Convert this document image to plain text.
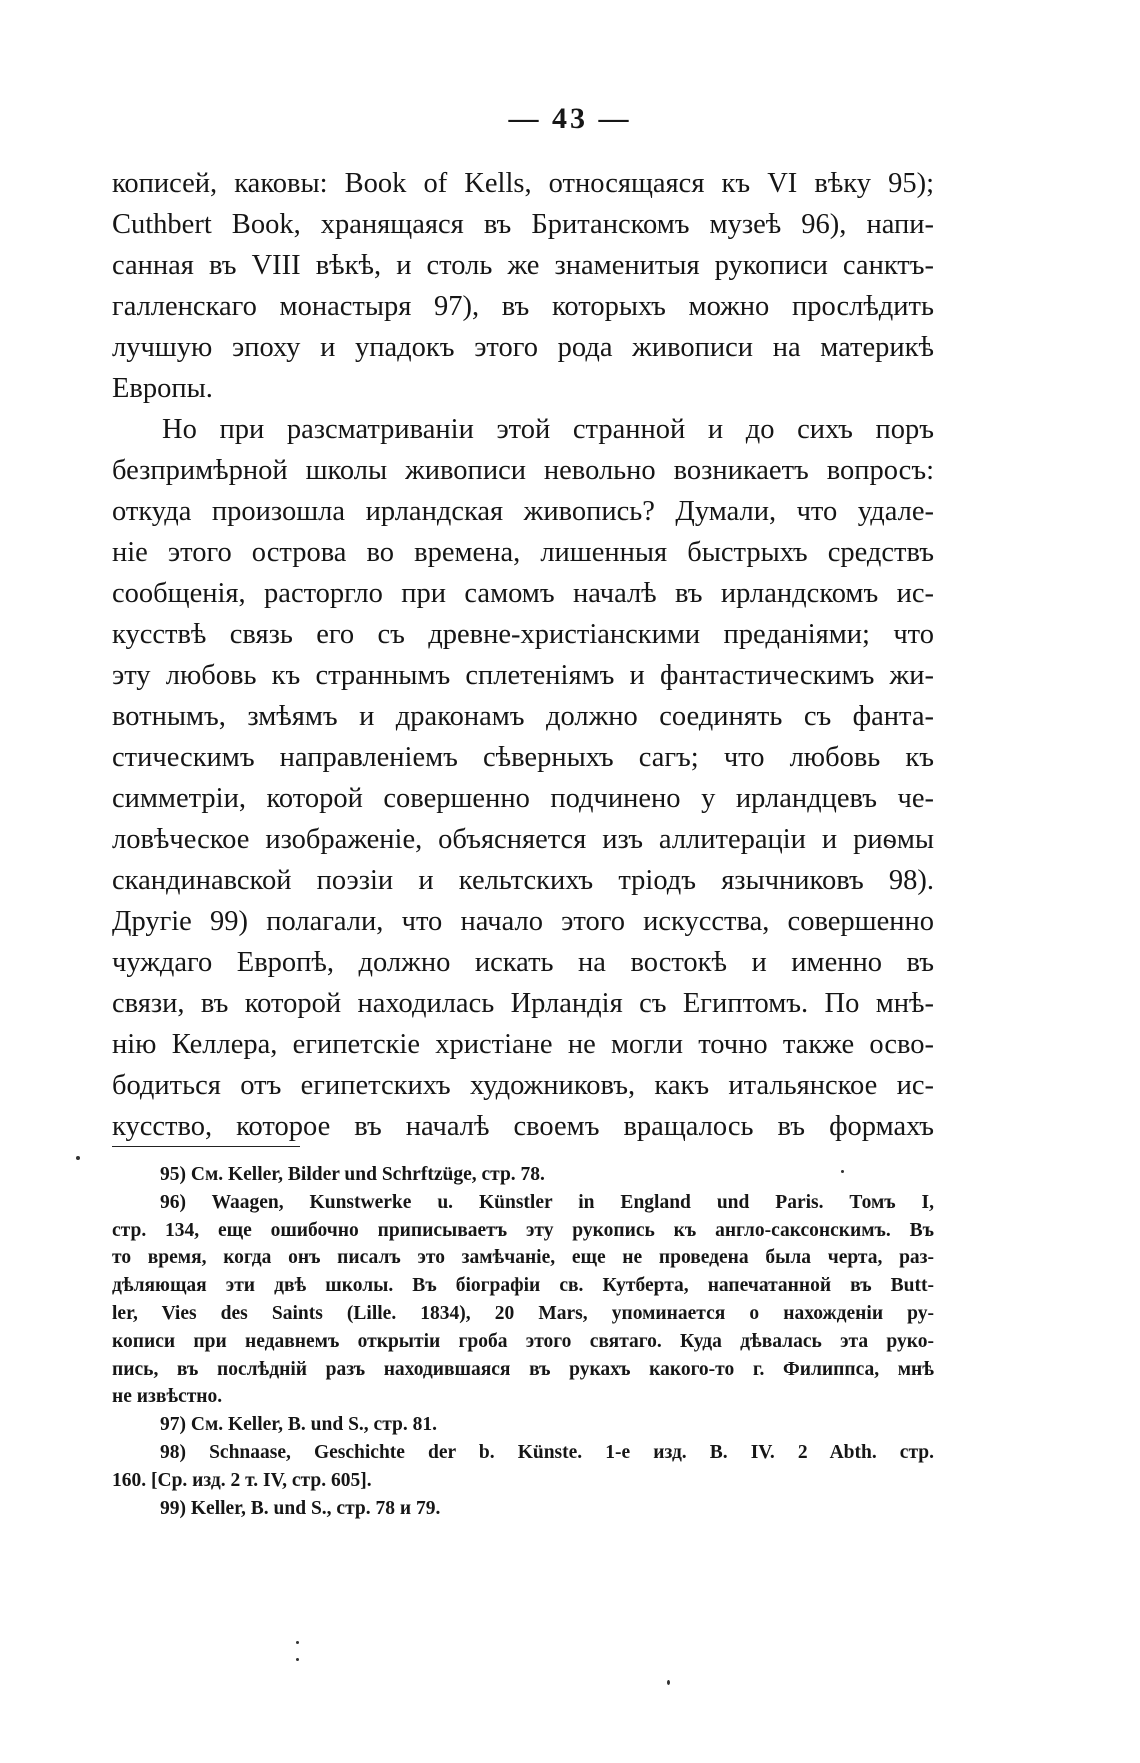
— 43 —
кописей, каковы: Book of Kells, относящаяся къ VI вѣку 95);
Cuthbert Book, хранящаяся въ Британскомъ музеѣ 96), напи-
санная въ VIII вѣкѣ, и столь же знаменитыя рукописи санктъ-
галленскаго монастыря 97), въ которыхъ можно прослѣдить
лучшую эпоху и упадокъ этого рода живописи на материкѣ
Европы.
Но при разсматриваніи этой странной и до сихъ поръ
безпримѣрной школы живописи невольно возникаетъ вопросъ:
откуда произошла ирландская живопись? Думали, что удале-
ніе этого острова во времена, лишенныя быстрыхъ средствъ
сообщенія, расторгло при самомъ началѣ въ ирландскомъ ис-
кусствѣ связь его съ древне-христіанскими преданіями; что
эту любовь къ страннымъ сплетеніямъ и фантастическимъ жи-
вотнымъ, змѣямъ и драконамъ должно соединять съ фанта-
стическимъ направленіемъ сѣверныхъ сагъ; что любовь къ
симметріи, которой совершенно подчинено у ирландцевъ че-
ловѣческое изображеніе, объясняется изъ аллитераціи и риѳмы
скандинавской поэзіи и кельтскихъ тріодъ язычниковъ 98).
Другіе 99) полагали, что начало этого искусства, совершенно
чуждаго Европѣ, должно искать на востокѣ и именно въ
связи, въ которой находилась Ирландія съ Египтомъ. По мнѣ-
нію Келлера, египетскіе христіане не могли точно также осво-
бодиться отъ египетскихъ художниковъ, какъ итальянское ис-
кусство, которое въ началѣ своемъ вращалось въ формахъ
95) См. Keller, Bilder und Schrftzüge, стр. 78.
96) Waagen, Kunstwerke u. Künstler in England und Paris. Томъ I,
стр. 134, еще ошибочно приписываетъ эту рукопись къ англо-саксонскимъ. Въ
то время, когда онъ писалъ это замѣчаніе, еще не проведена была черта, раз-
дѣляющая эти двѣ школы. Въ біографіи св. Кутберта, напечатанной въ Butt-
ler, Vies des Saints (Lille. 1834), 20 Mars, упоминается о нахожденіи ру-
кописи при недавнемъ открытіи гроба этого святаго. Куда дѣвалась эта руко-
пись, въ послѣдній разъ находившаяся въ рукахъ какого-то г. Филиппса, мнѣ
не извѣстно.
97) См. Keller, B. und S., стр. 81.
98) Schnaase, Geschichte der b. Künste. 1-е изд. B. IV. 2 Abth. стр.
160. [Ср. изд. 2 т. IV, стр. 605].
99) Keller, B. und S., стр. 78 и 79.
